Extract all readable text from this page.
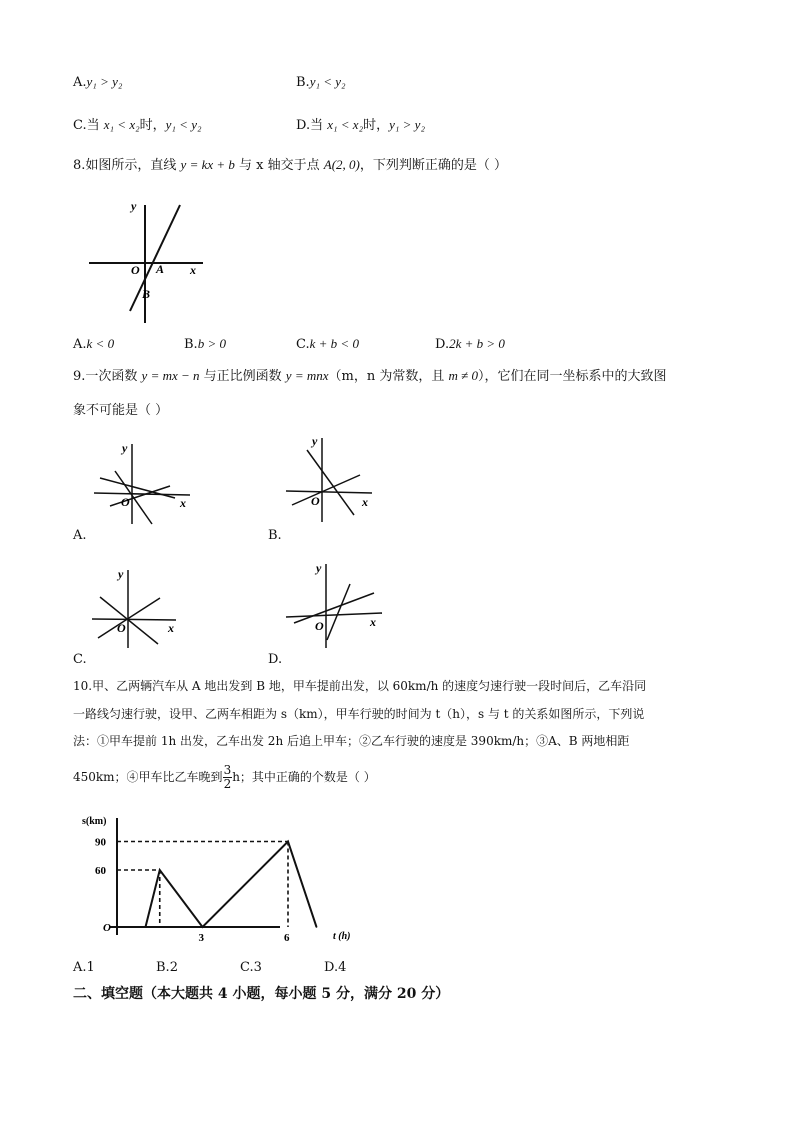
A.y₁ > y₂	B.y₁ < y₂
C.当 x₁ < x₂时，y₁ < y₂	D.当 x₁ < x₂时，y₁ > y₂
8.如图所示，直线 y = kx + b 与 x 轴交于点 A(2, 0)，下列判断正确的是（ ）
y
x
O A
B
A.k < 0	B.b > 0	C.k + b < 0	D.2k + b > 0
9.一次函数 y = mx − n 与正比例函数 y = mnx（m，n 为常数，且 m ≠ 0），它们在同一坐标系中的大致图
象不可能是（ ）
y
x
O
y
x
O
A.	B.
y
x
O
y
x
O
C.	D.
10.甲、乙两辆汽车从 A 地出发到 B 地，甲车提前出发，以 60km/h 的速度匀速行驶一段时间后，乙车沿同
一路线匀速行驶，设甲、乙两车相距为 s（km），甲车行驶的时间为 t（h），s 与 t 的关系如图所示，下列说
法：①甲车提前 1h 出发，乙车出发 2h 后追上甲车；②乙车行驶的速度是 390km/h；③A、B 两地相距
450km；④甲车比乙车晚到 $\frac{3}{2}$ h；其中正确的个数是（ ）
90
60
O
3	6
s(km)
t (h)
A.1	B.2	C.3	D.4
二、填空题（本大题共 4 小题，每小题 5 分，满分 20 分）
